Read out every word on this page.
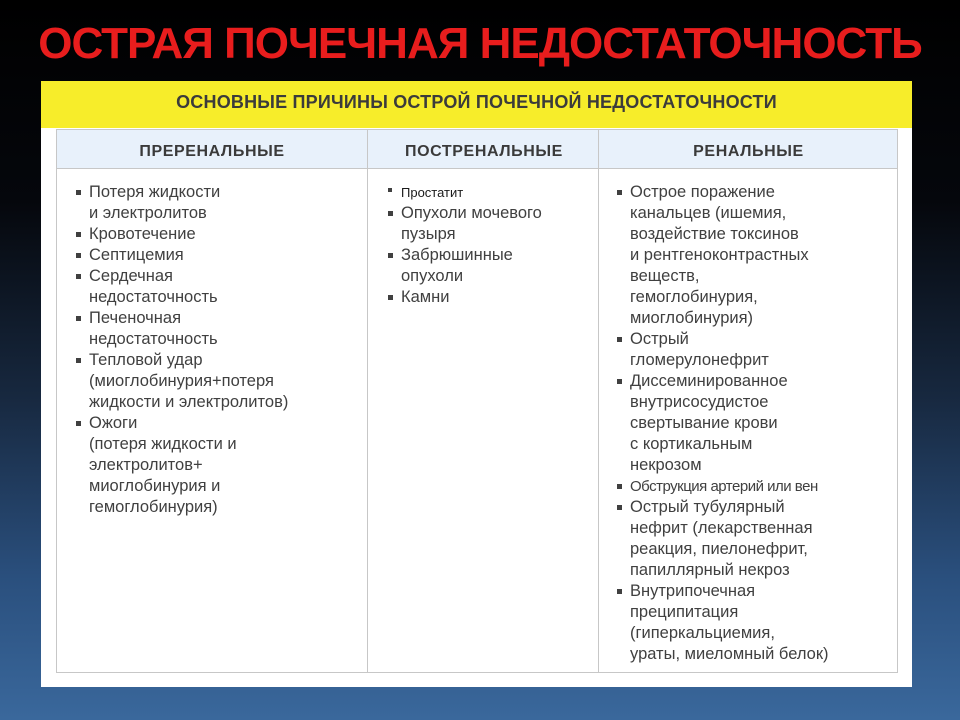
ОСТРАЯ ПОЧЕЧНАЯ НЕДОСТАТОЧНОСТЬ
ОСНОВНЫЕ ПРИЧИНЫ ОСТРОЙ ПОЧЕЧНОЙ НЕДОСТАТОЧНОСТИ
ПРЕРЕНАЛЬНЫЕ	ПОСТРЕНАЛЬНЫЕ	РЕНАЛЬНЫЕ
Потеря жидкости
и электролитов
Кровотечение
Септицемия
Сердечная
недостаточность
Печеночная
недостаточность
Тепловой удар
(миоглобинурия+потеря
жидкости и электролитов)
Ожоги
(потеря жидкости и
электролитов+
миоглобинурия и
гемоглобинурия)
Простатит
Опухоли мочевого
пузыря
Забрюшинные
опухоли
Камни
Острое поражение
канальцев (ишемия,
воздействие токсинов
и рентгеноконтрастных
веществ,
гемоглобинурия,
миоглобинурия)
Острый
гломерулонефрит
Диссеминированное
внутрисосудистое
свертывание крови
с кортикальным
некрозом
Обструкция артерий или вен
Острый тубулярный
нефрит (лекарственная
реакция, пиелонефрит,
папиллярный некроз
Внутрипочечная
преципитация
(гиперкальциемия,
ураты, миеломный белок)
